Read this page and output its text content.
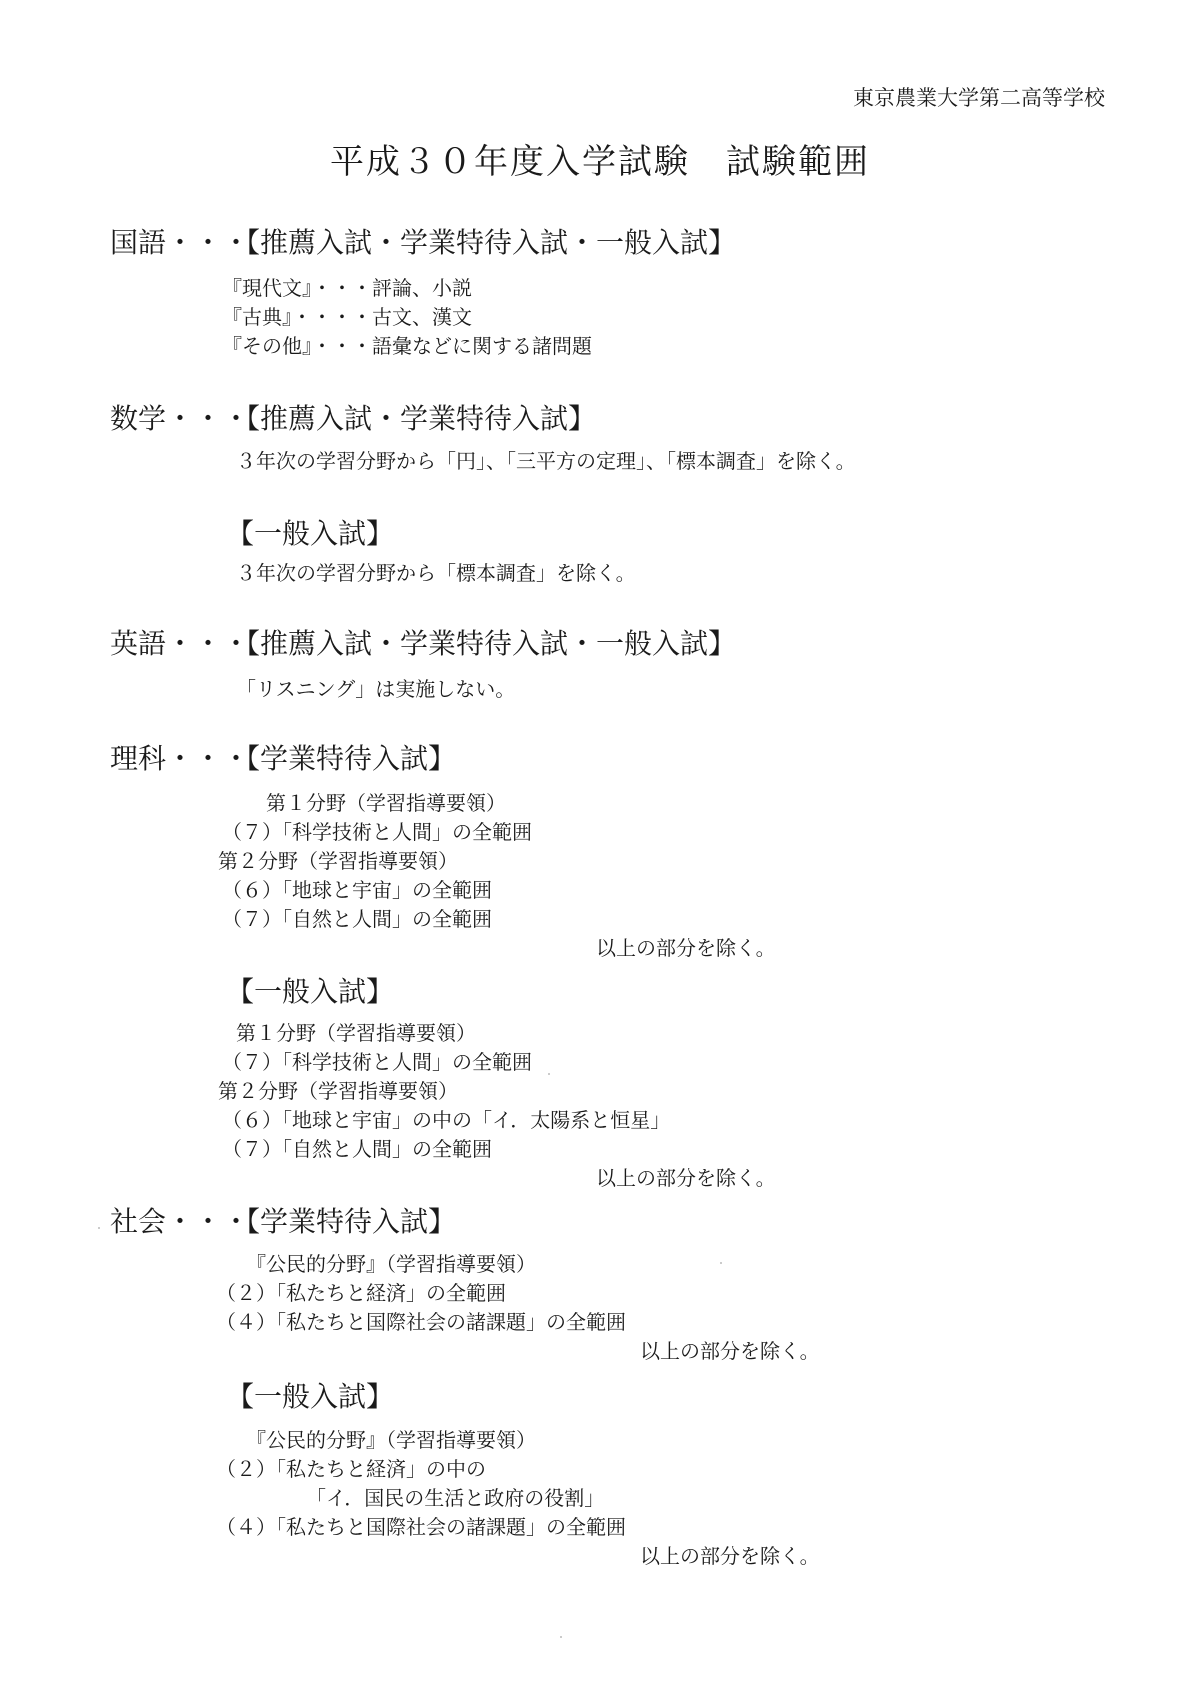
東京農業大学第二高等学校
平成３０年度入学試験　試験範囲
国語・・・
【推薦入試・学業特待入試・一般入試】
『現代文』・・・評論、小説
『古典』・・・・古文、漢文
『その他』・・・語彙などに関する諸問題
数学・・・
【推薦入試・学業特待入試】
３年次の学習分野から「円」、「三平方の定理」、「標本調査」を除く。
【一般入試】
３年次の学習分野から「標本調査」を除く。
英語・・・
【推薦入試・学業特待入試・一般入試】
「リスニング」は実施しない。
理科・・・
【学業特待入試】
第１分野（学習指導要領）
（７）「科学技術と人間」の全範囲
第２分野（学習指導要領）
（６）「地球と宇宙」の全範囲
（７）「自然と人間」の全範囲
以上の部分を除く。
【一般入試】
第１分野（学習指導要領）
（７）「科学技術と人間」の全範囲
第２分野（学習指導要領）
（６）「地球と宇宙」の中の「イ．太陽系と恒星」
（７）「自然と人間」の全範囲
以上の部分を除く。
社会・・・
【学業特待入試】
『公民的分野』（学習指導要領）
（２）「私たちと経済」の全範囲
（４）「私たちと国際社会の諸課題」の全範囲
以上の部分を除く。
【一般入試】
『公民的分野』（学習指導要領）
（２）「私たちと経済」の中の
「イ．国民の生活と政府の役割」
（４）「私たちと国際社会の諸課題」の全範囲
以上の部分を除く。
